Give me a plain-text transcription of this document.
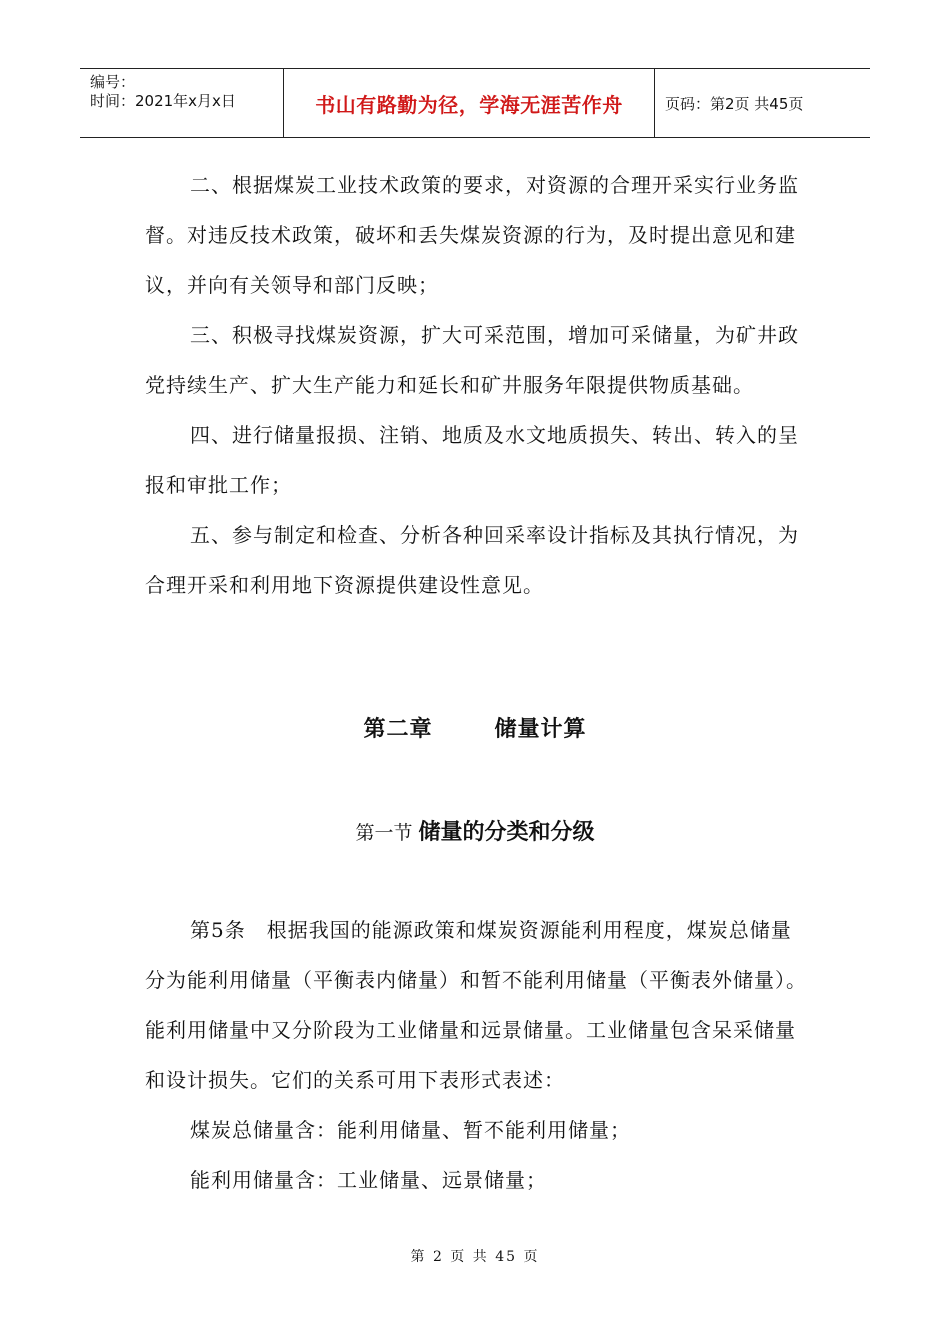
编号：
时间：2021年x月x日	书山有路勤为径，学海无涯苦作舟	页码：第2页 共45页

二、根据煤炭工业技术政策的要求，对资源的合理开采实行业务监督。对违反技术政策，破坏和丢失煤炭资源的行为，及时提出意见和建议，并向有关领导和部门反映；

三、积极寻找煤炭资源，扩大可采范围，增加可采储量，为矿井政党持续生产、扩大生产能力和延长和矿井服务年限提供物质基础。

四、进行储量报损、注销、地质及水文地质损失、转出、转入的呈报和审批工作；

五、参与制定和检查、分析各种回采率设计指标及其执行情况，为合理开采和利用地下资源提供建设性意见。

第二章	储量计算
第一节 储量的分类和分级

第5条　根据我国的能源政策和煤炭资源能利用程度，煤炭总储量分为能利用储量（平衡表内储量）和暂不能利用储量（平衡表外储量）。能利用储量中又分阶段为工业储量和远景储量。工业储量包含呆采储量和设计损失。它们的关系可用下表形式表述：

煤炭总储量含：能利用储量、暂不能利用储量；

能利用储量含：工业储量、远景储量；

第 2 页 共 45 页
